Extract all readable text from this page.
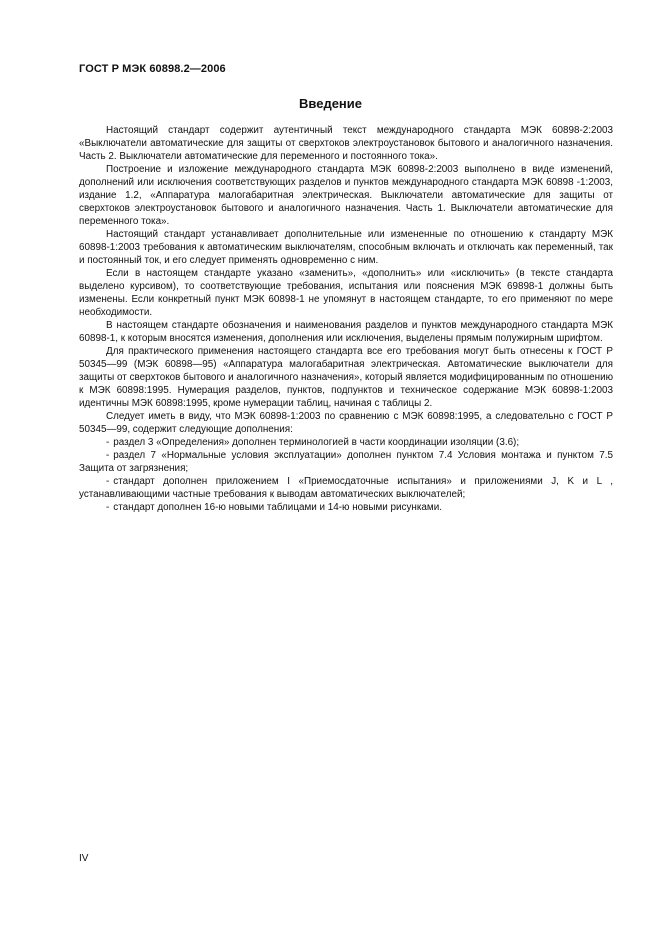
ГОСТ Р МЭК 60898.2—2006
Введение

Настоящий стандарт содержит аутентичный текст международного стандарта МЭК 60898-2:2003 «Выключатели автоматические для защиты от сверхтоков электроустановок бытового и аналогичного назначения. Часть 2. Выключатели автоматические для переменного и постоянного тока».

Построение и изложение международного стандарта МЭК 60898-2:2003 выполнено в виде изменений, дополнений или исключения соответствующих разделов и пунктов международного стандарта МЭК 60898 -1:2003, издание 1.2, «Аппаратура малогабаритная электрическая. Выключатели автоматические для защиты от сверхтоков электроустановок бытового и аналогичного назначения. Часть 1. Выключатели автоматические для переменного тока».

Настоящий стандарт устанавливает дополнительные или измененные по отношению к стандарту МЭК 60898-1:2003 требования к автоматическим выключателям, способным включать и отключать как переменный, так и постоянный ток, и его следует применять одновременно с ним.

Если в настоящем стандарте указано «заменить», «дополнить» или «исключить» (в тексте стандарта выделено курсивом), то соответствующие требования, испытания или пояснения МЭК 69898-1 должны быть изменены. Если конкретный пункт МЭК 60898-1 не упомянут в настоящем стандарте, то его применяют по мере необходимости.

В настоящем стандарте обозначения и наименования разделов и пунктов международного стандарта МЭК 60898-1, к которым вносятся изменения, дополнения или исключения, выделены прямым полужирным шрифтом.

Для практического применения настоящего стандарта все его требования могут быть отнесены к ГОСТ Р 50345—99 (МЭК 60898—95) «Аппаратура малогабаритная электрическая. Автоматические выключатели для защиты от сверхтоков бытового и аналогичного назначения», который является модифицированным по отношению к МЭК 60898:1995. Нумерация разделов, пунктов, подпунктов и техническое содержание МЭК 60898-1:2003 идентичны МЭК 60898:1995, кроме нумерации таблиц, начиная с таблицы 2.

Следует иметь в виду, что МЭК 60898-1:2003 по сравнению с МЭК 60898:1995, а следовательно с ГОСТ Р 50345—99, содержит следующие дополнения:

- раздел 3 «Определения» дополнен терминологией в части координации изоляции (3.6);
- раздел 7 «Нормальные условия эксплуатации» дополнен пунктом 7.4 Условия монтажа и пунктом 7.5 Защита от загрязнения;
- стандарт дополнен приложением I «Приемосдаточные испытания» и приложениями J, K и L , устанавливающими частные требования к выводам автоматических выключателей;
- стандарт дополнен 16-ю новыми таблицами и 14-ю новыми рисунками.
IV
